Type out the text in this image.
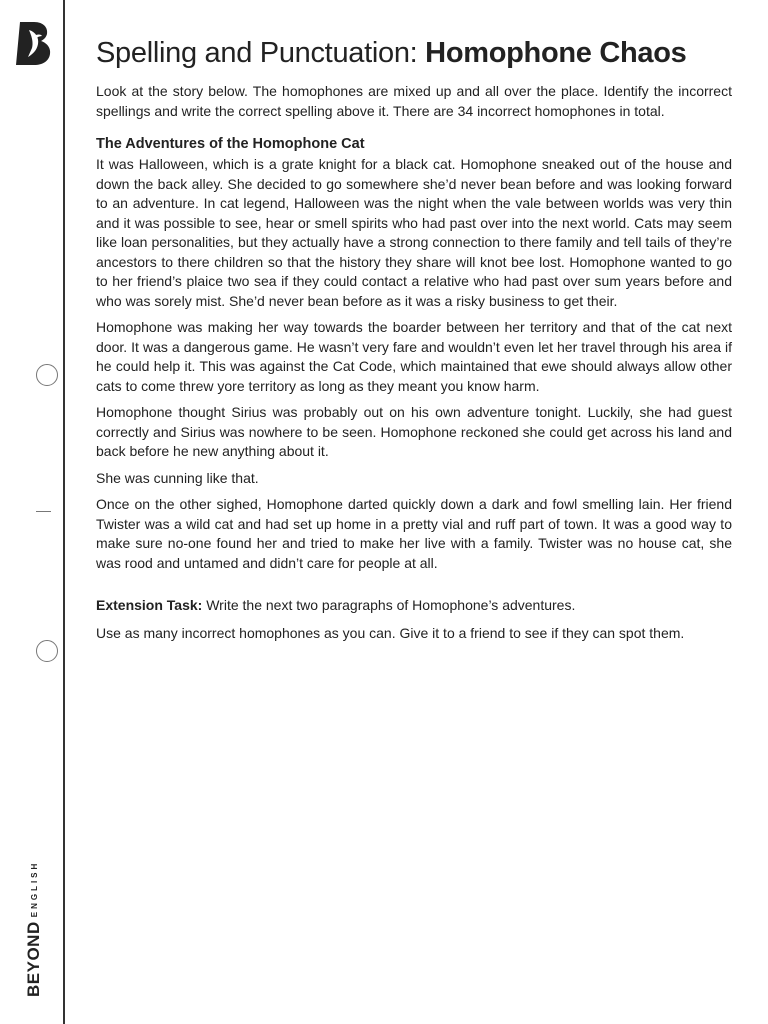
BEYONDENGLISH
Spelling and Punctuation: Homophone Chaos

Look at the story below. The homophones are mixed up and all over the place. Identify the incorrect spellings and write the correct spelling above it. There are 34 incorrect homophones in total.

The Adventures of the Homophone Cat

It was Halloween, which is a grate knight for a black cat. Homophone sneaked out of the house and down the back alley. She decided to go somewhere she’d never bean before and was looking forward to an adventure. In cat legend, Halloween was the night when the vale between worlds was very thin and it was possible to see, hear or smell spirits who had past over into the next world. Cats may seem like loan personalities, but they actually have a strong connection to there family and tell tails of they’re ancestors to there children so that the history they share will knot bee lost. Homophone wanted to go to her friend’s plaice two sea if they could contact a relative who had past over sum years before and who was sorely mist. She’d never bean before as it was a risky business to get their.

Homophone was making her way towards the boarder between her territory and that of the cat next door. It was a dangerous game. He wasn’t very fare and wouldn’t even let her travel through his area if he could help it. This was against the Cat Code, which maintained that ewe should always allow other cats to come threw yore territory as long as they meant you know harm.

Homophone thought Sirius was probably out on his own adventure tonight. Luckily, she had guest correctly and Sirius was nowhere to be seen. Homophone reckoned she could get across his land and back before he new anything about it.

She was cunning like that.

Once on the other sighed, Homophone darted quickly down a dark and fowl smelling lain. Her friend Twister was a wild cat and had set up home in a pretty vial and ruff part of town. It was a good way to make sure no-one found her and tried to make her live with a family. Twister was no house cat, she was rood and untamed and didn’t care for people at all.

Extension Task: Write the next two paragraphs of Homophone’s adventures.

Use as many incorrect homophones as you can. Give it to a friend to see if they can spot them.
